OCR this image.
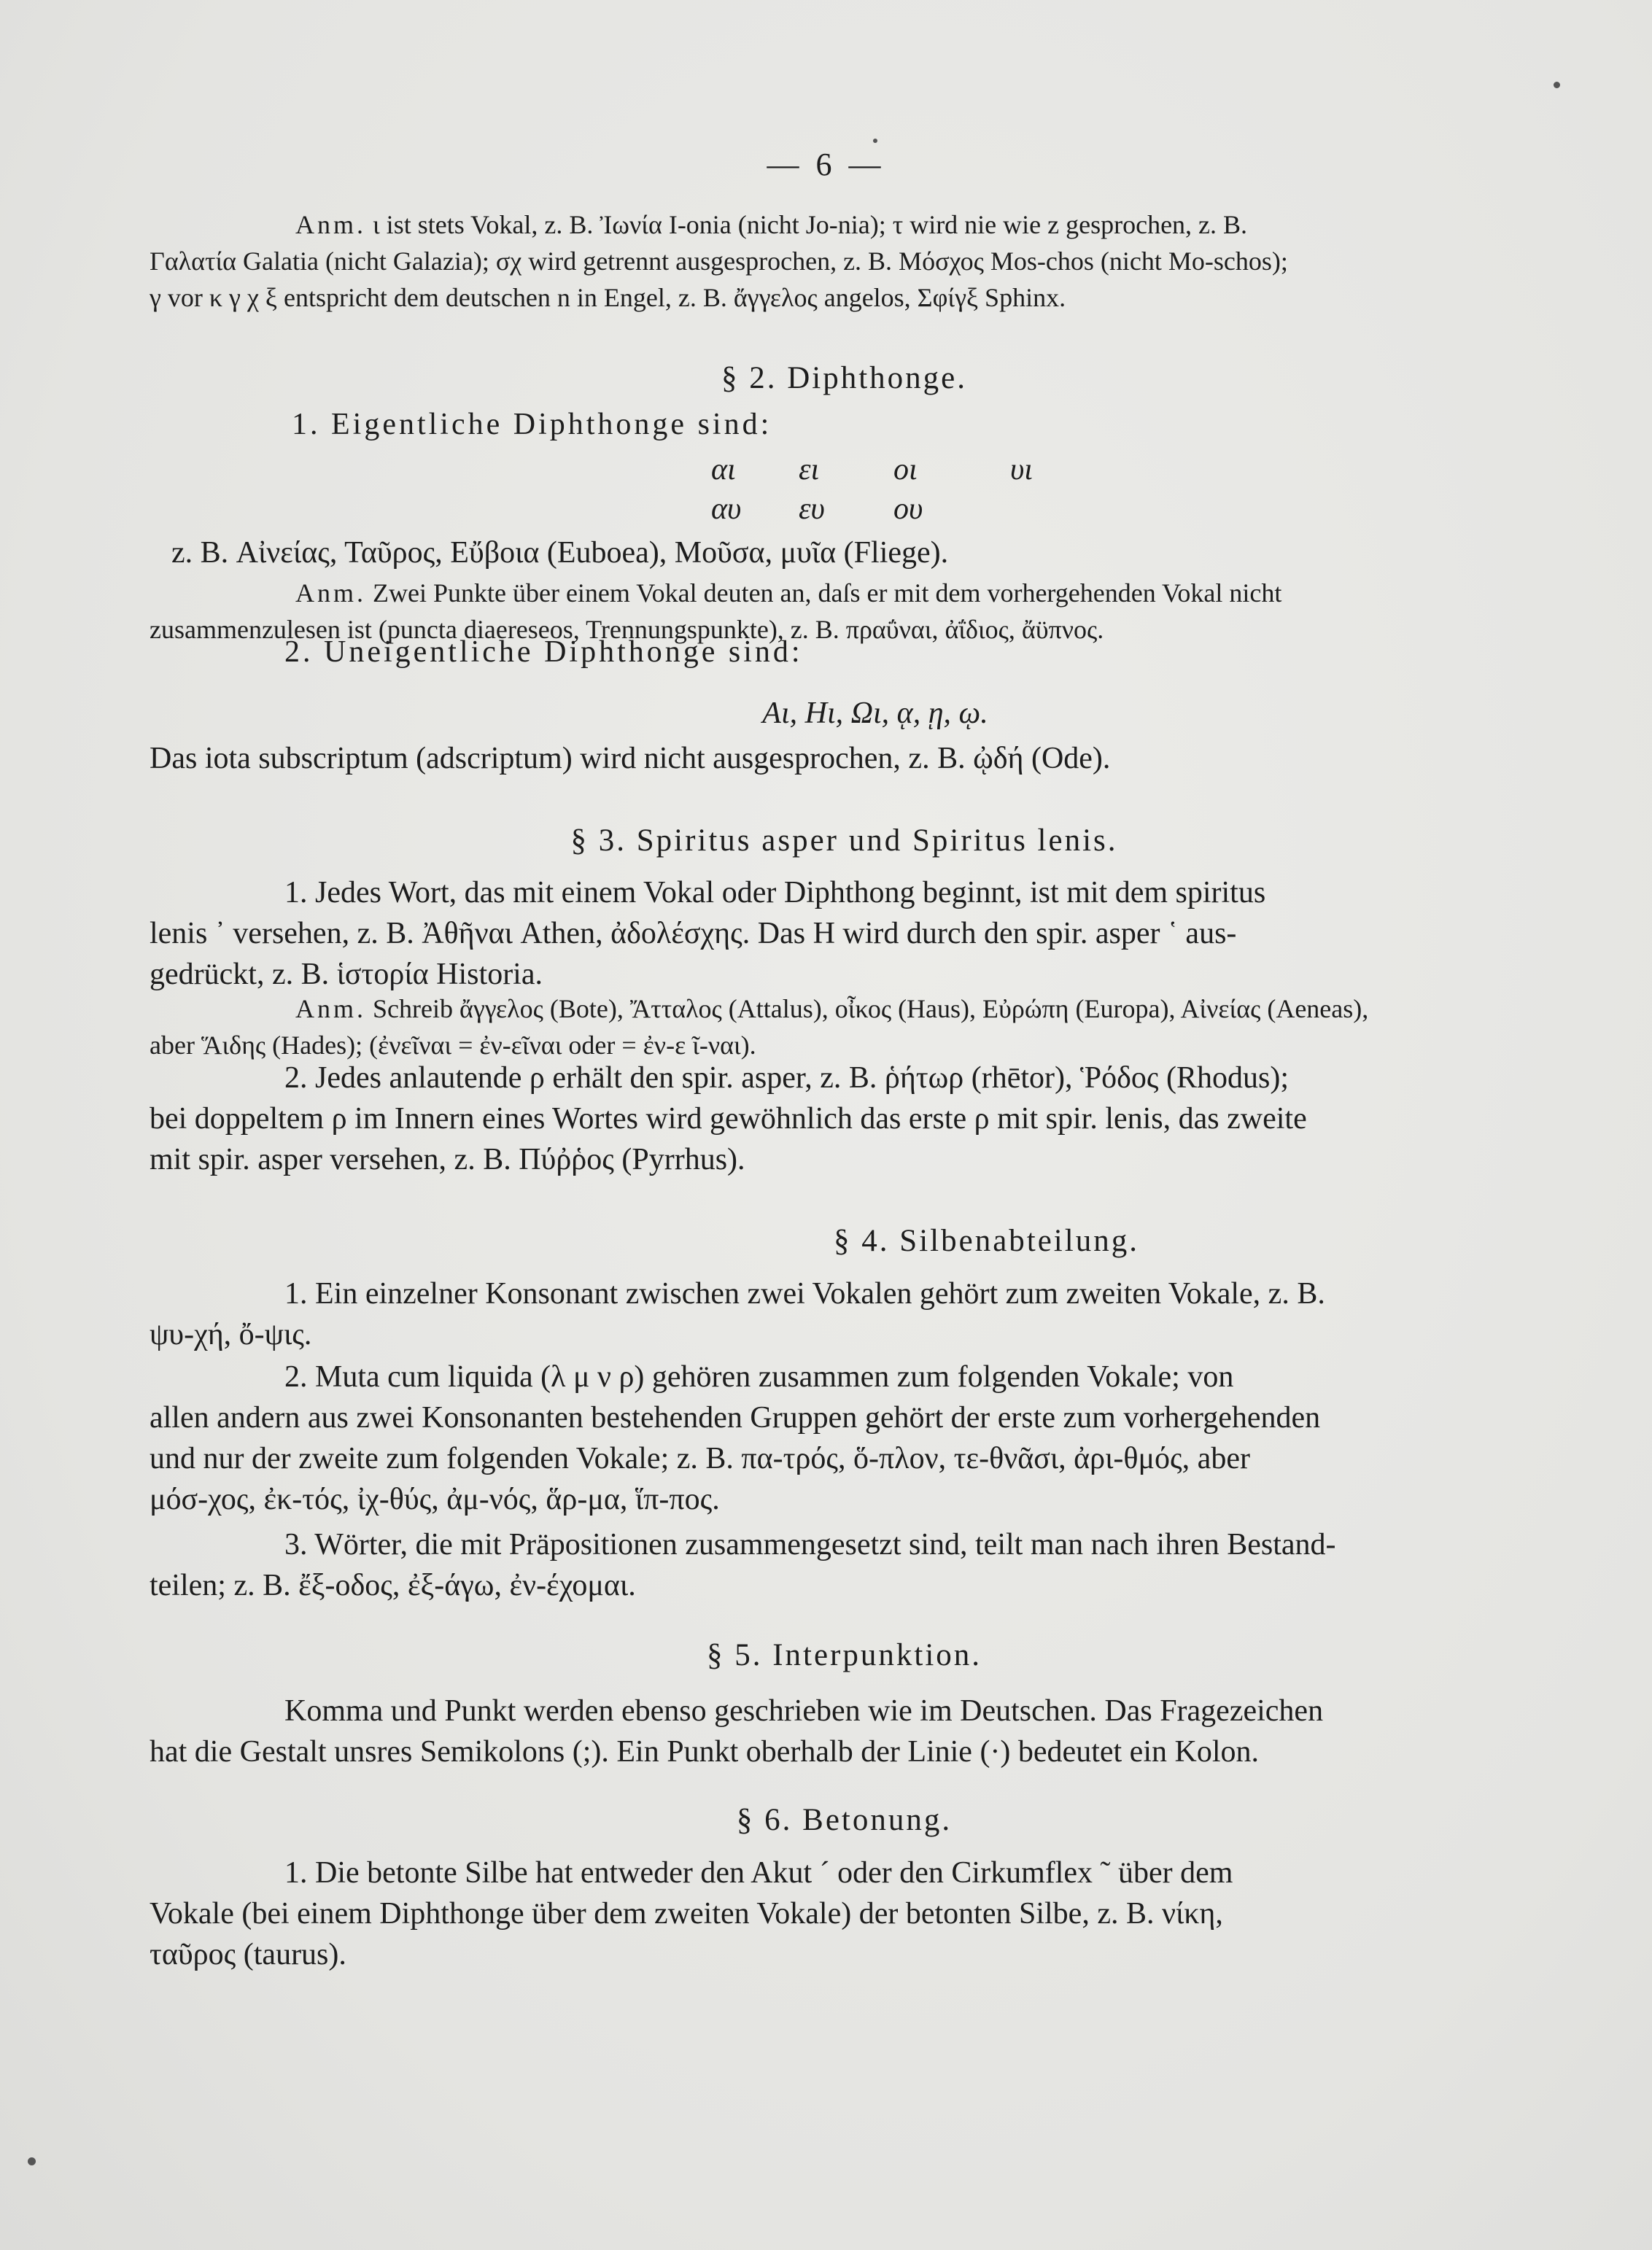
— 6 —
Anm. ι ist stets Vokal, z. B. Ἰωνία I-onia (nicht Jo-nia); τ wird nie wie z gesprochen, z. B.
Γαλατία Galatia (nicht Galazia); σχ wird getrennt ausgesprochen, z. B. Μόσχος Mos-chos (nicht Mo-schos);
γ vor κ γ χ ξ entspricht dem deutschen n in Engel, z. B. ἄγγελος angelos, Σφίγξ Sphinx.
§ 2. Diphthonge.
1. Eigentliche Diphthonge sind:
αι ει οι	υι
αυ ευ ου
z. B. Αἰνείας, Ταῦρος, Εὔβοια (Euboea), Μοῦσα, μυῖα (Fliege).
Anm. Zwei Punkte über einem Vokal deuten an, daſs er mit dem vorhergehenden Vokal nicht
zusammenzulesen ist (puncta diaereseos, Trennungspunkte), z. B. πραΰναι, ἀΐδιος, ἄϋπνος.
2. Uneigentliche Diphthonge sind:
Αι, Ηι, Ωι, ᾳ, ῃ, ῳ.
Das iota subscriptum (adscriptum) wird nicht ausgesprochen, z. B. ᾠδή (Ode).
§ 3. Spiritus asper und Spiritus lenis.
1. Jedes Wort, das mit einem Vokal oder Diphthong beginnt, ist mit dem spiritus
lenis ᾿ versehen, z. B. Ἀθῆναι Athen, ἀδολέσχης. Das H wird durch den spir. asper ῾ aus-
gedrückt, z. B. ἱστορία Historia.
Anm. Schreib ἄγγελος (Bote), Ἄτταλος (Attalus), οἶκος (Haus), Εὐρώπη (Europa), Αἰνείας (Aeneas),
aber Ἅιδης (Hades); (ἐνεῖναι = ἐν-εῖναι oder = ἐν-ε ῖ-ναι).
2. Jedes anlautende ρ erhält den spir. asper, z. B. ῥήτωρ (rhētor), Ῥόδος (Rhodus);
bei doppeltem ρ im Innern eines Wortes wird gewöhnlich das erste ρ mit spir. lenis, das zweite
mit spir. asper versehen, z. B. Πύῤῥος (Pyrrhus).
§ 4. Silbenabteilung.
1. Ein einzelner Konsonant zwischen zwei Vokalen gehört zum zweiten Vokale, z. B.
ψυ-χή, ὄ-ψις.
2. Muta cum liquida (λ μ ν ρ) gehören zusammen zum folgenden Vokale; von
allen andern aus zwei Konsonanten bestehenden Gruppen gehört der erste zum vorhergehenden
und nur der zweite zum folgenden Vokale; z. B. πα-τρός, ὅ-πλον, τε-θνᾶσι, ἀρι-θμός, aber
μόσ-χος, ἐκ-τός, ἰχ-θύς, ἀμ-νός, ἅρ-μα, ἵπ-πος.
3. Wörter, die mit Präpositionen zusammengesetzt sind, teilt man nach ihren Bestand-
teilen; z. B. ἔξ-οδος, ἐξ-άγω, ἐν-έχομαι.
§ 5. Interpunktion.
Komma und Punkt werden ebenso geschrieben wie im Deutschen. Das Fragezeichen
hat die Gestalt unsres Semikolons (;). Ein Punkt oberhalb der Linie (·) bedeutet ein Kolon.
§ 6. Betonung.
1. Die betonte Silbe hat entweder den Akut ´ oder den Cirkumflex ῀ über dem
Vokale (bei einem Diphthonge über dem zweiten Vokale) der betonten Silbe, z. B. νίκη,
ταῦρος (taurus).
